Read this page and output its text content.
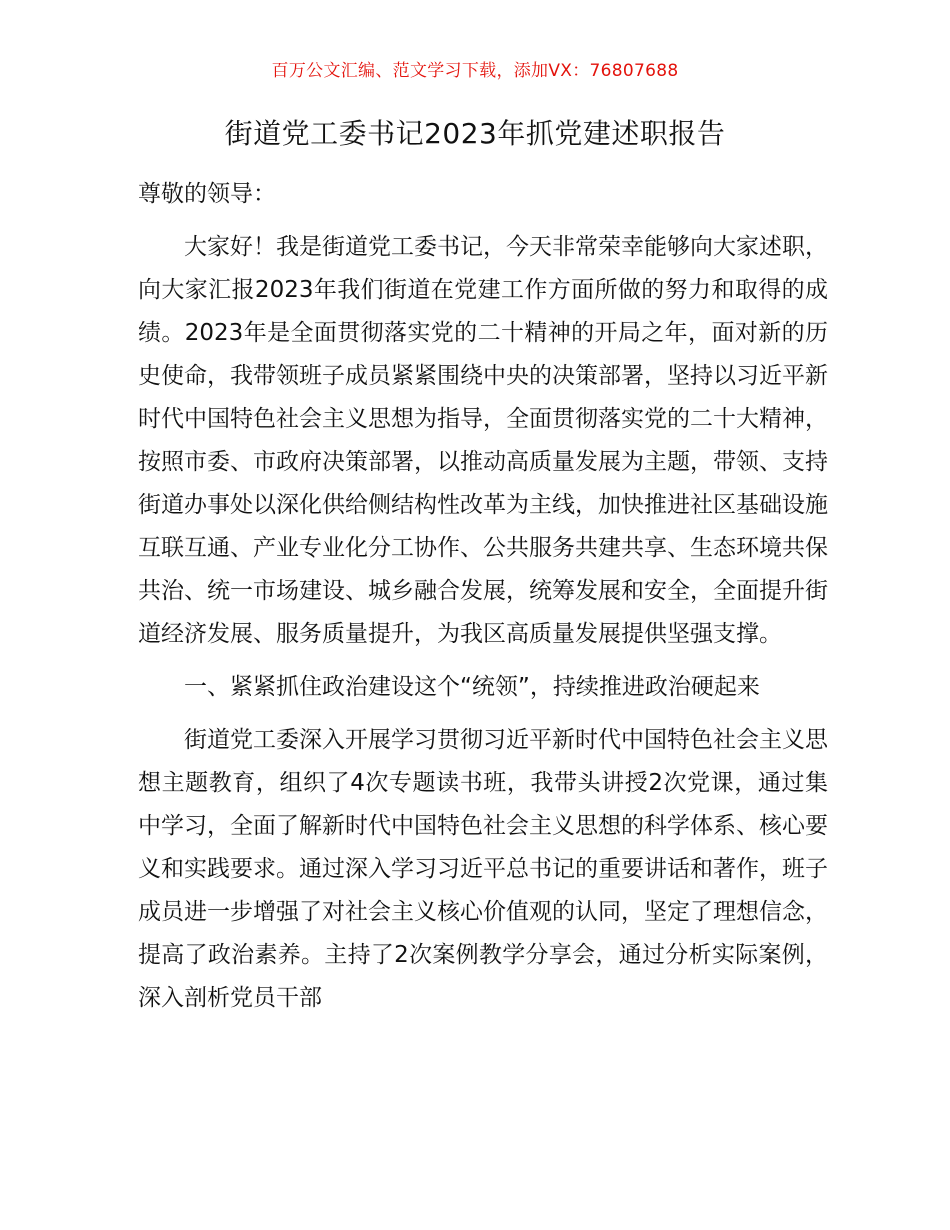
百万公文汇编、范文学习下载，添加VX：76807688
街道党工委书记2023年抓党建述职报告

尊敬的领导：

大家好！我是街道党工委书记，今天非常荣幸能够向大家述职，向大家汇报2023年我们街道在党建工作方面所做的努力和取得的成绩。2023年是全面贯彻落实党的二十精神的开局之年，面对新的历史使命，我带领班子成员紧紧围绕中央的决策部署，坚持以习近平新时代中国特色社会主义思想为指导，全面贯彻落实党的二十大精神，按照市委、市政府决策部署，以推动高质量发展为主题，带领、支持街道办事处以深化供给侧结构性改革为主线，加快推进社区基础设施互联互通、产业专业化分工协作、公共服务共建共享、生态环境共保共治、统一市场建设、城乡融合发展，统筹发展和安全，全面提升街道经济发展、服务质量提升，为我区高质量发展提供坚强支撑。

一、紧紧抓住政治建设这个“统领”，持续推进政治硬起来

街道党工委深入开展学习贯彻习近平新时代中国特色社会主义思想主题教育，组织了4次专题读书班，我带头讲授2次党课，通过集中学习，全面了解新时代中国特色社会主义思想的科学体系、核心要义和实践要求。通过深入学习习近平总书记的重要讲话和著作，班子成员进一步增强了对社会主义核心价值观的认同，坚定了理想信念，提高了政治素养。主持了2次案例教学分享会，通过分析实际案例，深入剖析党员干部
